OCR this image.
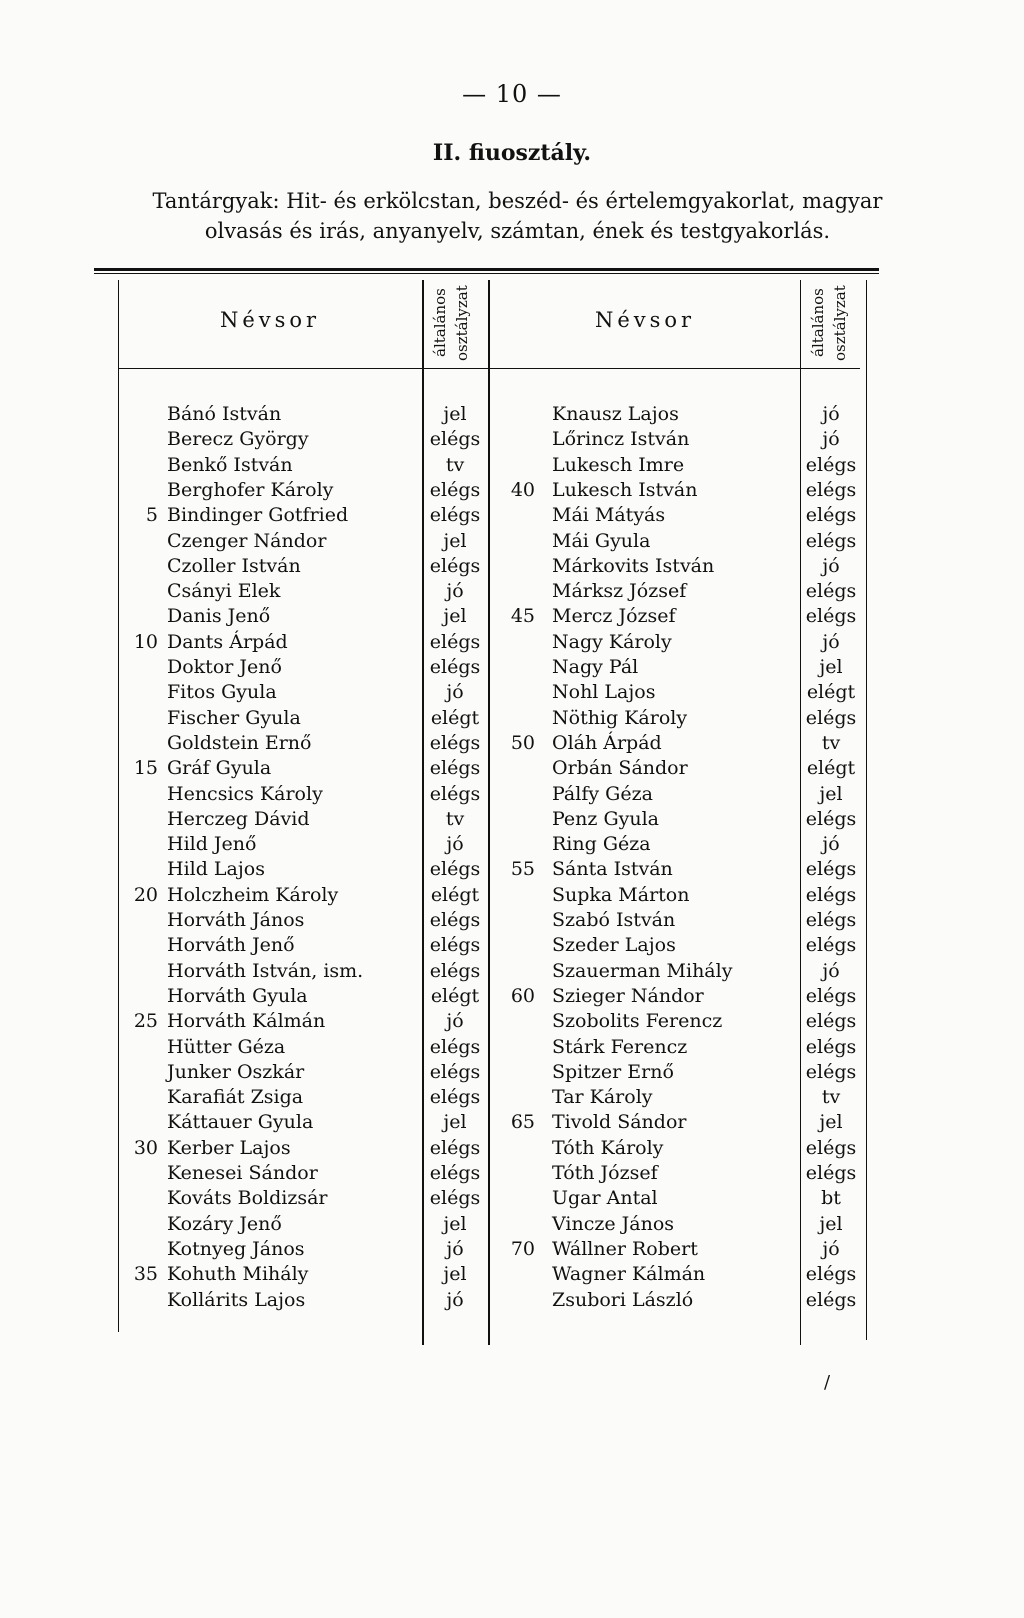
— 10 —
II. fiuosztály.
Tantárgyak: Hit- és erkölcstan, beszéd- és értelemgyakorlat, magyar
olvasás és irás, anyanyelv, számtan, ének és testgyakorlás.
Névsor	általános osztályzat	Névsor	általános osztályzat
Bánó István	jel	Knausz Lajos	jó
Berecz György	elégs	Lőrincz István	jó
Benkő István	tv	Lukesch Imre	elégs
Berghofer Károly	elégs	40 Lukesch István	elégs
5 Bindinger Gotfried	elégs	Mái Mátyás	elégs
Czenger Nándor	jel	Mái Gyula	elégs
Czoller István	elégs	Márkovits István	jó
Csányi Elek	jó	Márksz József	elégs
Danis Jenő	jel	45 Mercz József	elégs
10 Dants Árpád	elégs	Nagy Károly	jó
Doktor Jenő	elégs	Nagy Pál	jel
Fitos Gyula	jó	Nohl Lajos	elégt
Fischer Gyula	elégt	Nöthig Károly	elégs
Goldstein Ernő	elégs	50 Oláh Árpád	tv
15 Gráf Gyula	elégs	Orbán Sándor	elégt
Hencsics Károly	elégs	Pálfy Géza	jel
Herczeg Dávid	tv	Penz Gyula	elégs
Hild Jenő	jó	Ring Géza	jó
Hild Lajos	elégs	55 Sánta István	elégs
20 Holczheim Károly	elégt	Supka Márton	elégs
Horváth János	elégs	Szabó István	elégs
Horváth Jenő	elégs	Szeder Lajos	elégs
Horváth István, ism.	elégs	Szauerman Mihály	jó
Horváth Gyula	elégt	60 Szieger Nándor	elégs
25 Horváth Kálmán	jó	Szobolits Ferencz	elégs
Hütter Géza	elégs	Stárk Ferencz	elégs
Junker Oszkár	elégs	Spitzer Ernő	elégs
Karafiát Zsiga	elégs	Tar Károly	tv
Káttauer Gyula	jel	65 Tivold Sándor	jel
30 Kerber Lajos	elégs	Tóth Károly	elégs
Kenesei Sándor	elégs	Tóth József	elégs
Kováts Boldizsár	elégs	Ugar Antal	bt
Kozáry Jenő	jel	Vincze János	jel
Kotnyeg János	jó	70 Wállner Robert	jó
35 Kohuth Mihály	jel	Wagner Kálmán	elégs
Kollárits Lajos	jó	Zsubori László	elégs
/
